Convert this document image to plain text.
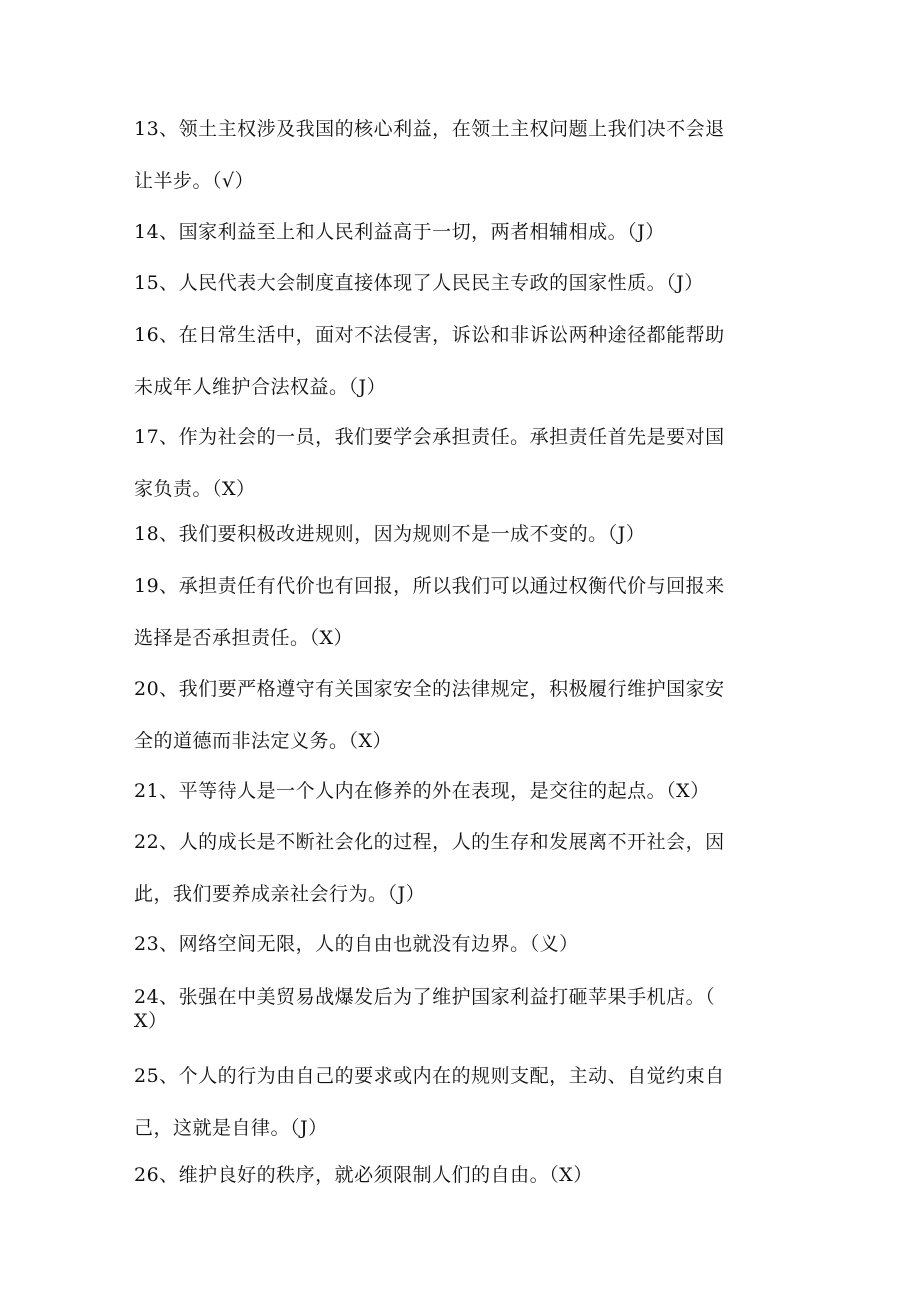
13、领土主权涉及我国的核心利益，在领土主权问题上我们决不会退
让半步。（√）
14、国家利益至上和人民利益高于一切，两者相辅相成。（J）
15、人民代表大会制度直接体现了人民民主专政的国家性质。（J）
16、在日常生活中，面对不法侵害，诉讼和非诉讼两种途径都能帮助
未成年人维护合法权益。（J）
17、作为社会的一员，我们要学会承担责任。承担责任首先是要对国
家负责。（X）
18、我们要积极改进规则，因为规则不是一成不变的。（J）
19、承担责任有代价也有回报，所以我们可以通过权衡代价与回报来
选择是否承担责任。（X）
20、我们要严格遵守有关国家安全的法律规定，积极履行维护国家安
全的道德而非法定义务。（X）
21、平等待人是一个人内在修养的外在表现，是交往的起点。（X）
22、人的成长是不断社会化的过程，人的生存和发展离不开社会，因
此，我们要养成亲社会行为。（J）
23、网络空间无限，人的自由也就没有边界。（义）
24、张强在中美贸易战爆发后为了维护国家利益打砸苹果手机店。（
X）
25、个人的行为由自己的要求或内在的规则支配，主动、自觉约束自
己，这就是自律。（J）
26、维护良好的秩序，就必须限制人们的自由。（X）
